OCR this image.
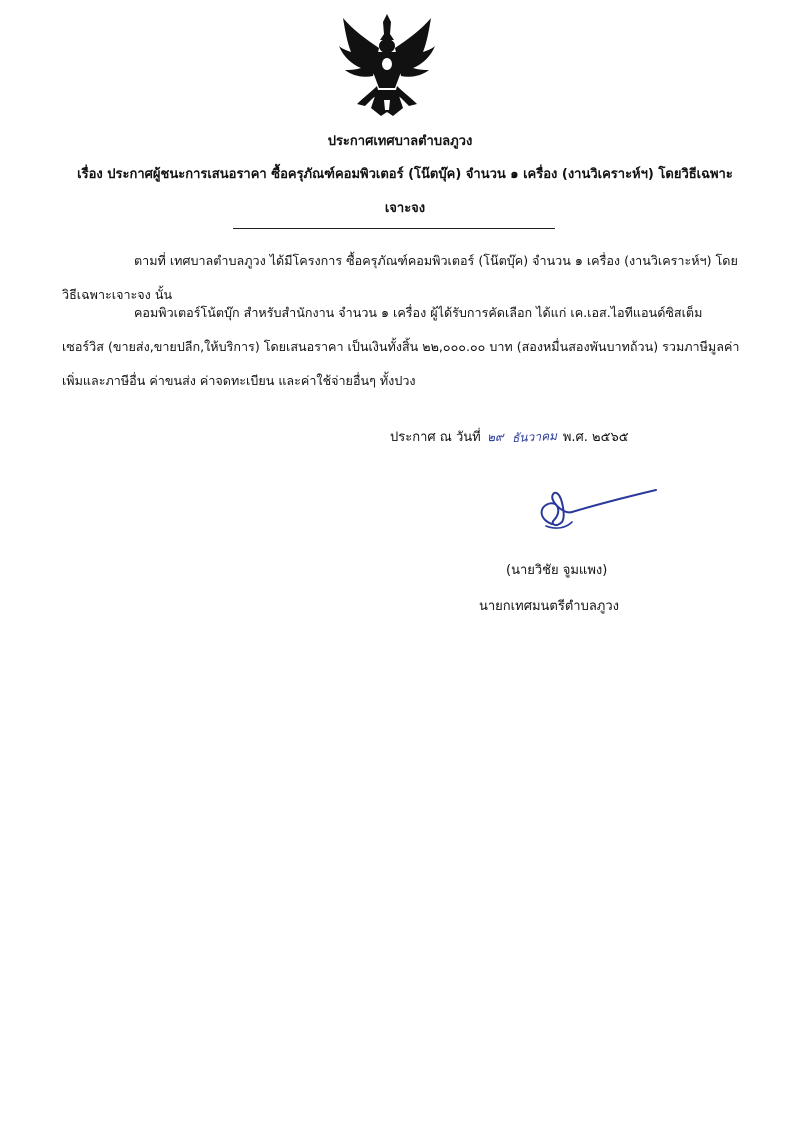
ประกาศเทศบาลตำบลภูวง
เรื่อง ประกาศผู้ชนะการเสนอราคา ซื้อครุภัณฑ์คอมพิวเตอร์ (โน๊ตบุ๊ค) จำนวน ๑ เครื่อง (งานวิเคราะห์ฯ) โดยวิธีเฉพาะเจาะจง
ตามที่ เทศบาลตำบลภูวง ได้มีโครงการ ซื้อครุภัณฑ์คอมพิวเตอร์ (โน๊ตบุ๊ค) จำนวน ๑ เครื่อง (งานวิเคราะห์ฯ) โดยวิธีเฉพาะเจาะจง นั้น
คอมพิวเตอร์โน้ตบุ๊ก สำหรับสำนักงาน จำนวน ๑ เครื่อง ผู้ได้รับการคัดเลือก ได้แก่ เค.เอส.ไอทีแอนด์ซิสเต็มเซอร์วิส (ขายส่ง,ขายปลีก,ให้บริการ) โดยเสนอราคา เป็นเงินทั้งสิ้น ๒๒,๐๐๐.๐๐ บาท (สองหมื่นสองพันบาทถ้วน) รวมภาษีมูลค่าเพิ่มและภาษีอื่น ค่าขนส่ง ค่าจดทะเบียน และค่าใช้จ่ายอื่นๆ ทั้งปวง
ประกาศ ณ วันที่ ๒๙ ธันวาคม พ.ศ. ๒๕๖๕
(นายวิชัย จูมแพง)
นายกเทศมนตรีตำบลภูวง
